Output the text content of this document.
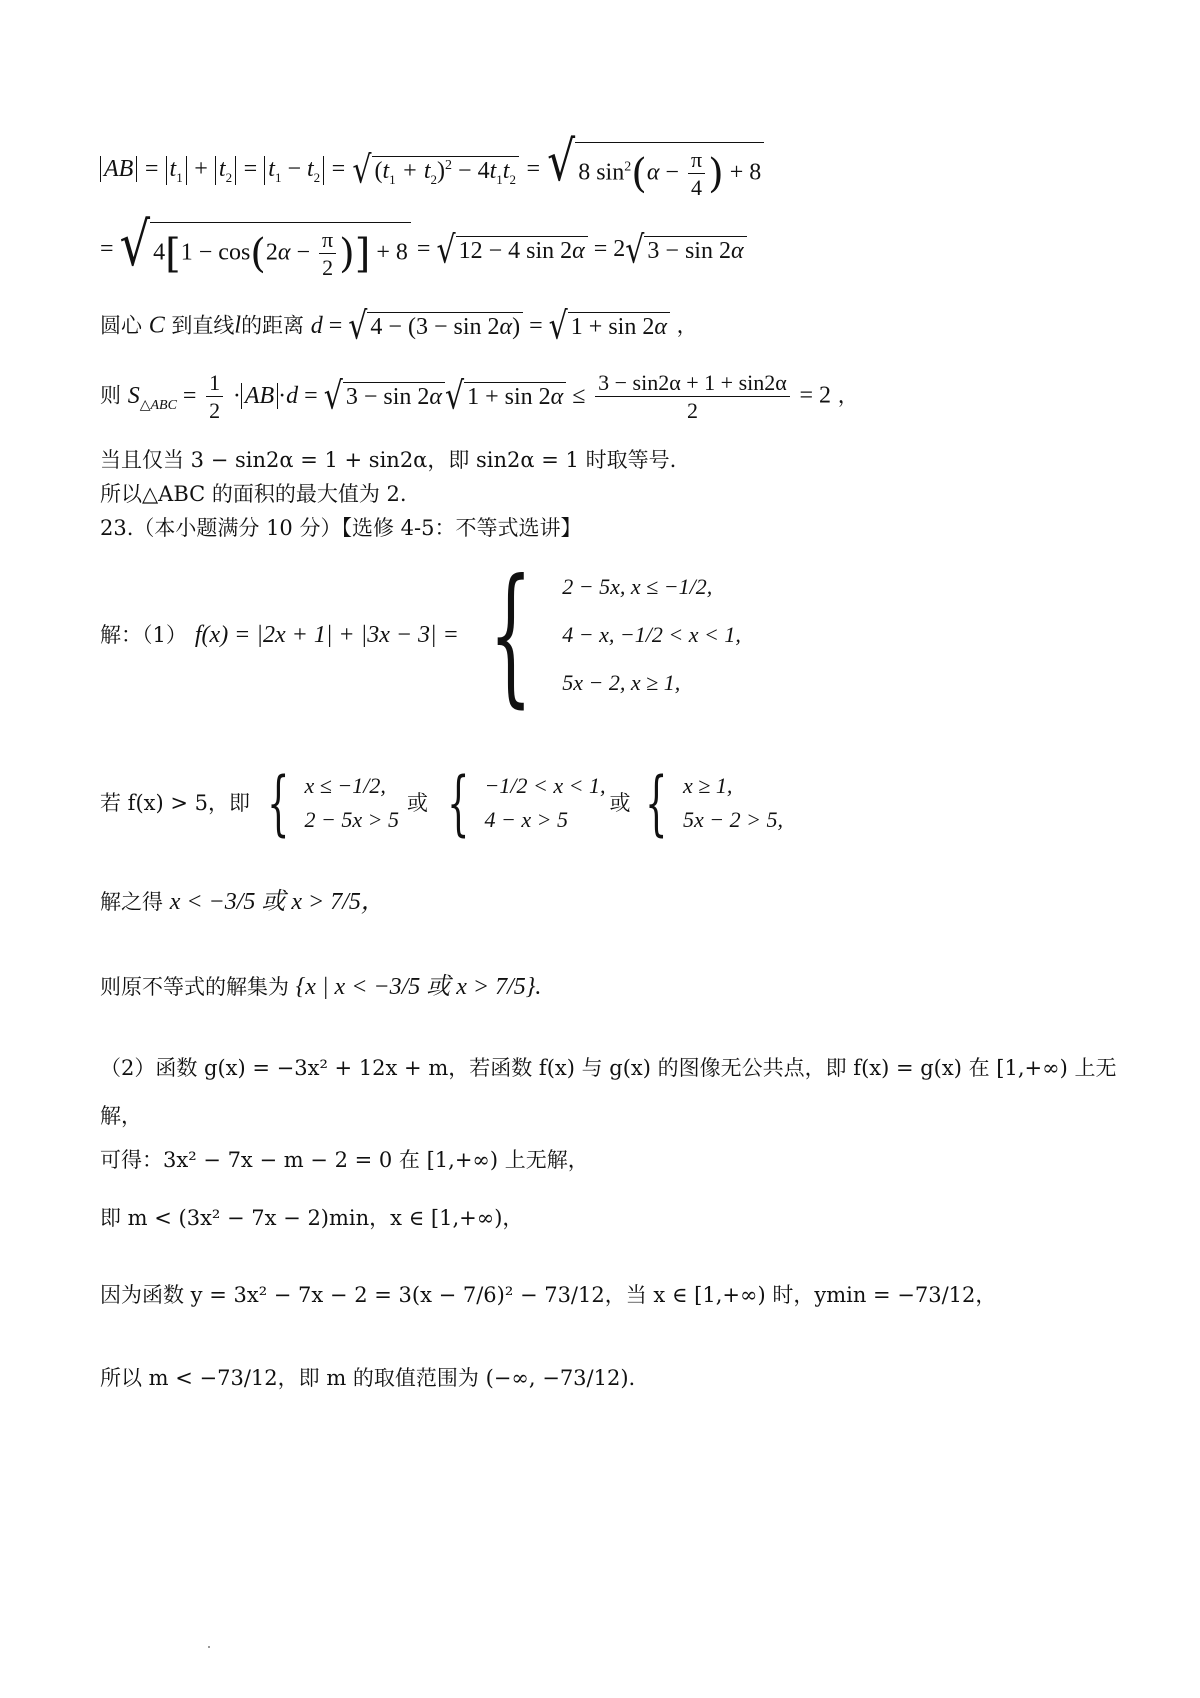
AB = $t_1 + t_2 = t_1 - t_2$ = √ $(t_1 + t_2)^2 - 4t_1t_2$ = √ 8 $\sin^2(\alpha - \frac{\pi}{4}$ ) + 8
= √ $4[1 - \cos(2\alpha - \frac{\pi}{2}$ )] + 8 = √ 12 − 4 sin 2α = 2 √ 3 − sin 2α
圆心 C 到直线l的距离 d = √ 4 − (3 − sin 2α) = √ 1 + sin 2α ，
则 $S_{\triangle ABC} = \frac{1}{2}$ · AB ·d = √ 3 − sin 2α √ $1 + \sin 2\alpha \le \frac{3 - \sin 2\alpha + 1 + \sin 2\alpha}{2} = 2$ ，
当且仅当 3 − sin2α = 1 + sin2α，即 sin2α = 1 时取等号.
所以△ABC 的面积的最大值为 2.
23.（本小题满分 10 分）【选修 4-5：不等式选讲】
解：（1） f(x) = |2x + 1| + |3x − 3| = { 2 − 5x, x ≤ −1/2,
4 − x, −1/2 < x < 1,
5x − 2, x ≥ 1,
若 f(x) > 5，即 { x ≤ −1/2,
2 − 5x > 5
或 { −1/2 < x < 1,
4 − x > 5
或 { x ≥ 1,
5x − 2 > 5,
解之得 x < −3/5 或 x > 7/5，
则原不等式的解集为 {x | x < −3/5 或 x > 7/5}.
（2）函数 g(x) = −3x² + 12x + m，若函数 f(x) 与 g(x) 的图像无公共点，即 f(x) = g(x) 在 [1,+∞) 上无
解，
可得：3x² − 7x − m − 2 = 0 在 [1,+∞) 上无解，
即 m < (3x² − 7x − 2)min，x ∈ [1,+∞)，
因为函数 y = 3x² − 7x − 2 = 3(x − 7/6)² − 73/12，当 x ∈ [1,+∞) 时，ymin = −73/12，
所以 m < −73/12，即 m 的取值范围为 (−∞, −73/12).
